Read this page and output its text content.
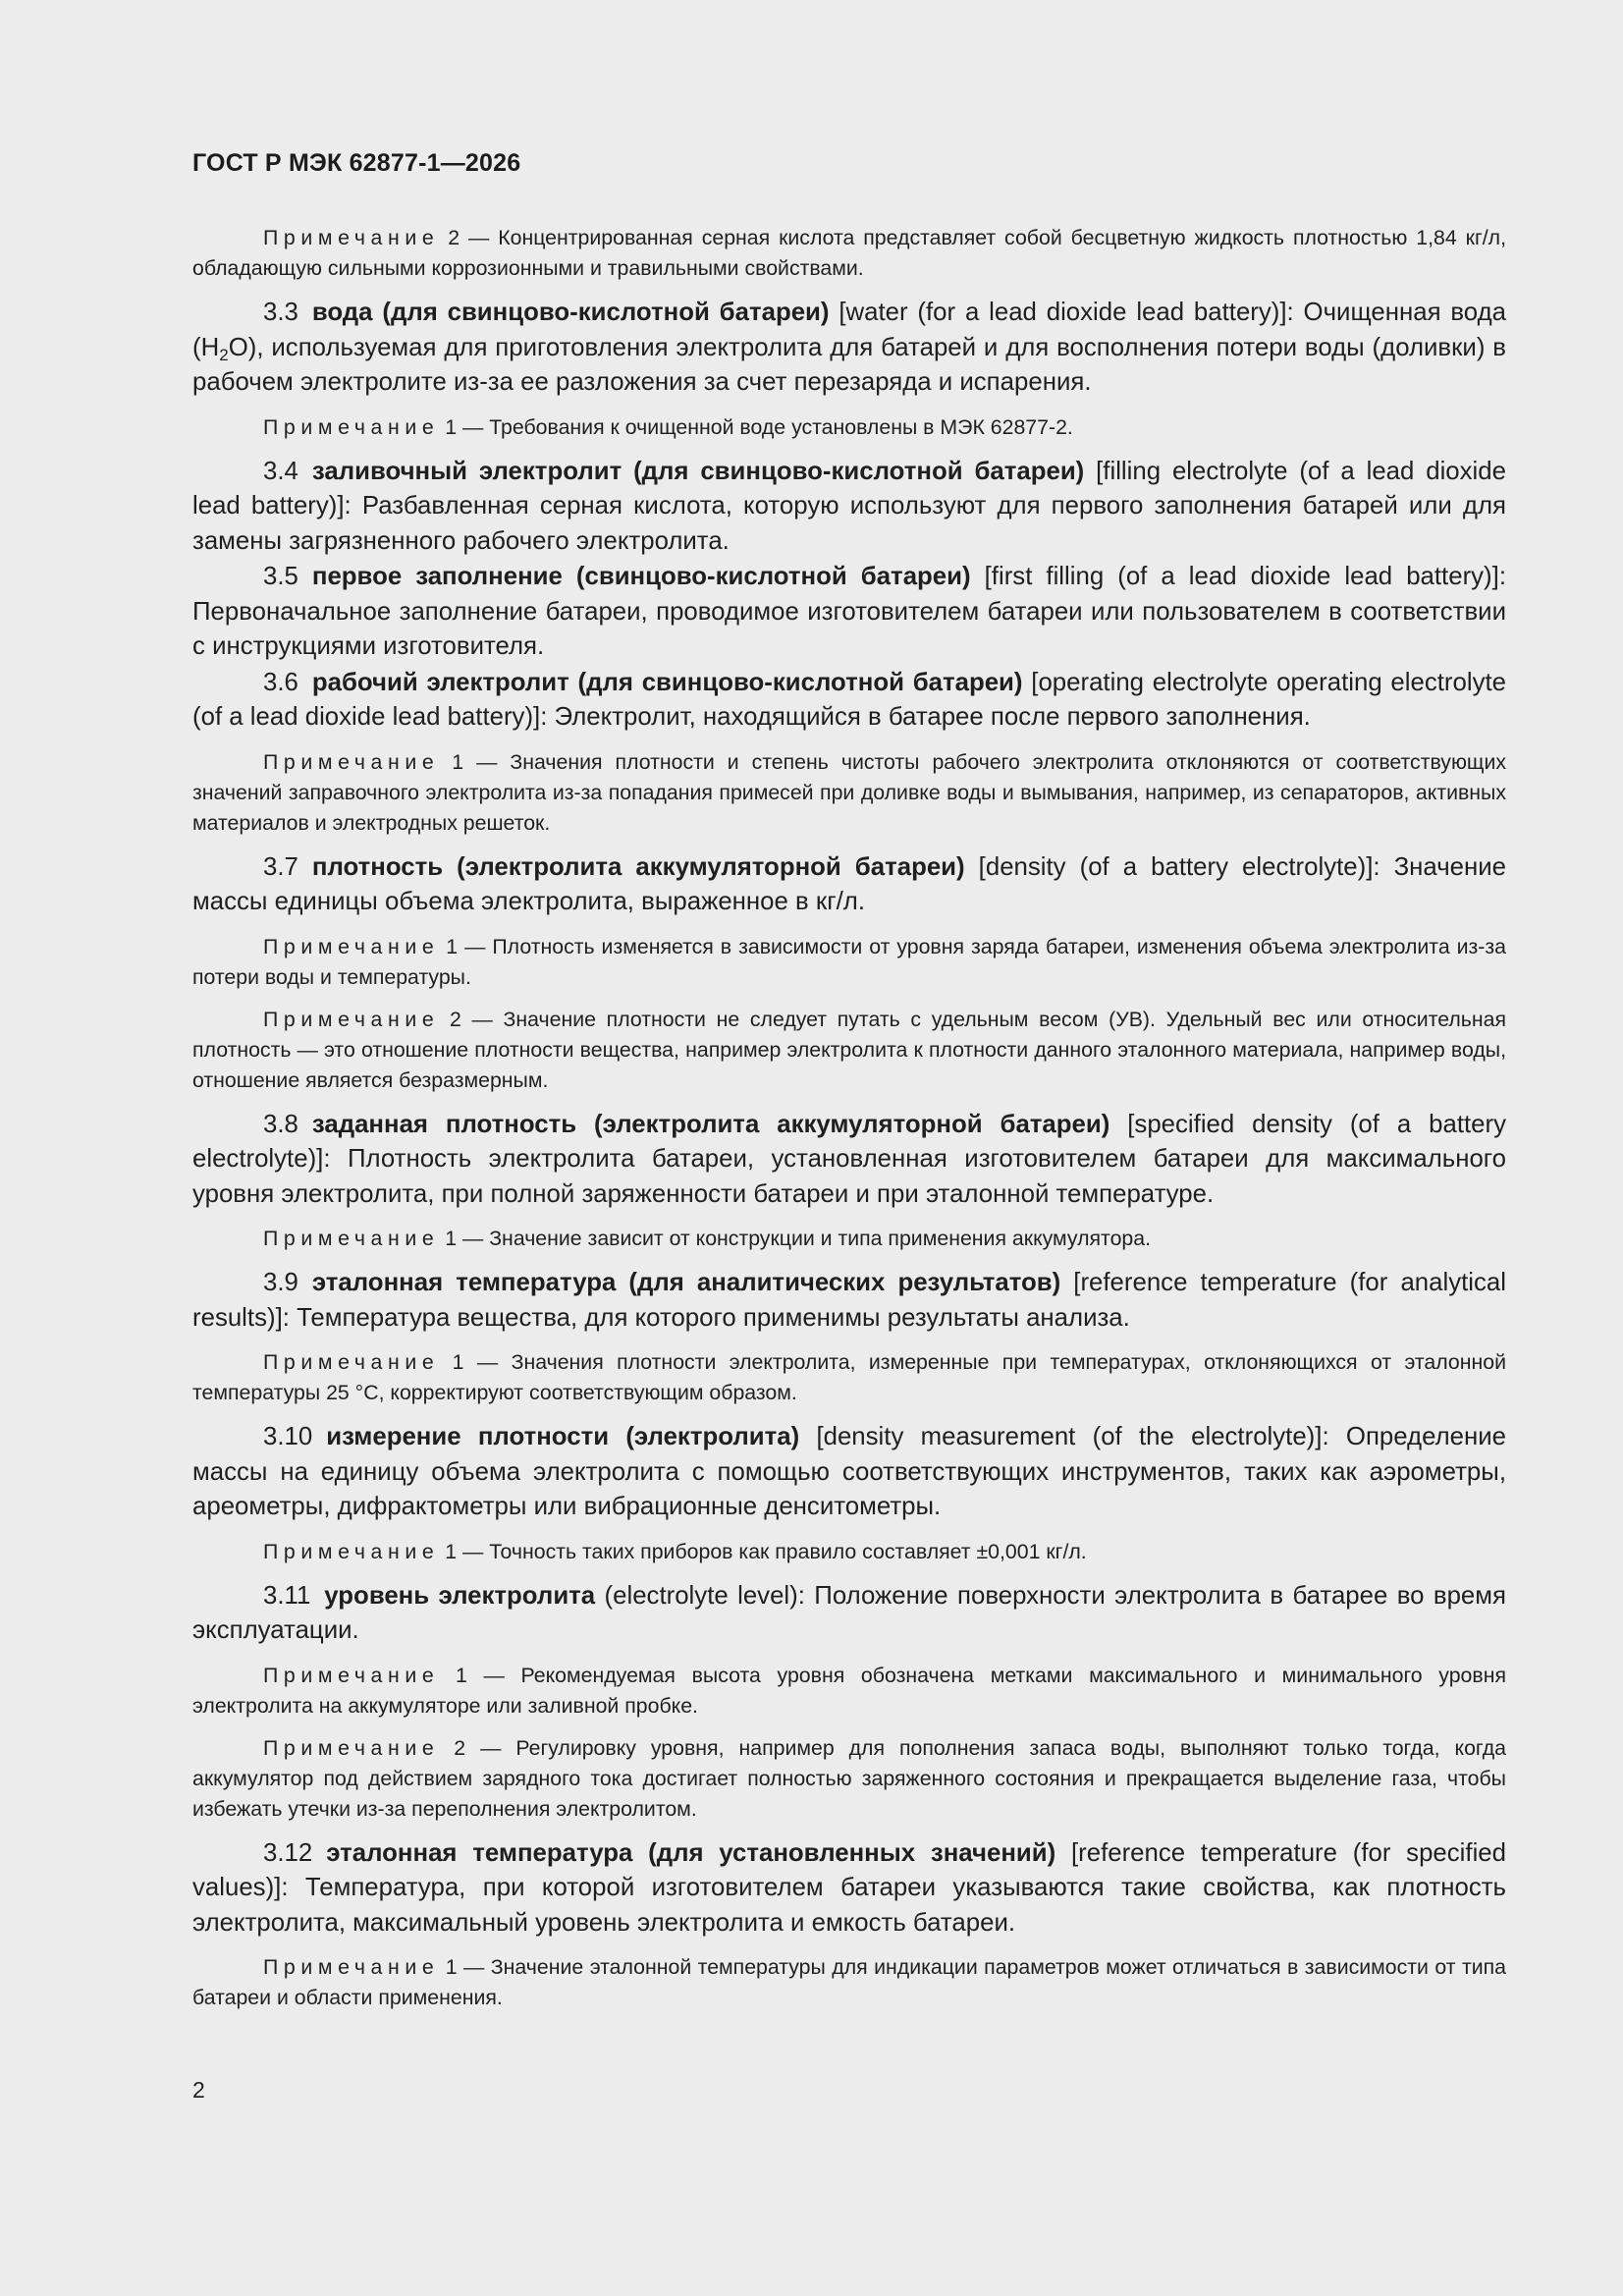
ГОСТ Р МЭК 62877-1—2026

Примечание 2 — Концентрированная серная кислота представляет собой бесцветную жидкость плотностью 1,84 кг/л, обладающую сильными коррозионными и травильными свойствами.

3.3 вода (для свинцово-кислотной батареи) [water (for a lead dioxide lead battery)]: Очищенная вода $(H_2O)$, используемая для приготовления электролита для батарей и для восполнения потери воды (доливки) в рабочем электролите из-за ее разложения за счет перезаряда и испарения.

Примечание 1 — Требования к очищенной воде установлены в МЭК 62877-2.

3.4 заливочный электролит (для свинцово-кислотной батареи) [filling electrolyte (of a lead dioxide lead battery)]: Разбавленная серная кислота, которую используют для первого заполнения батарей или для замены загрязненного рабочего электролита.

3.5 первое заполнение (свинцово-кислотной батареи) [first filling (of a lead dioxide lead battery)]: Первоначальное заполнение батареи, проводимое изготовителем батареи или пользователем в соответствии с инструкциями изготовителя.

3.6 рабочий электролит (для свинцово-кислотной батареи) [operating electrolyte operating electrolyte (of a lead dioxide lead battery)]: Электролит, находящийся в батарее после первого заполнения.

Примечание 1 — Значения плотности и степень чистоты рабочего электролита отклоняются от соответствующих значений заправочного электролита из-за попадания примесей при доливке воды и вымывания, например, из сепараторов, активных материалов и электродных решеток.

3.7 плотность (электролита аккумуляторной батареи) [density (of a battery electrolyte)]: Значение массы единицы объема электролита, выраженное в кг/л.

Примечание 1 — Плотность изменяется в зависимости от уровня заряда батареи, изменения объема электролита из-за потери воды и температуры.

Примечание 2 — Значение плотности не следует путать с удельным весом (УВ). Удельный вес или относительная плотность — это отношение плотности вещества, например электролита к плотности данного эталонного материала, например воды, отношение является безразмерным.

3.8 заданная плотность (электролита аккумуляторной батареи) [specified density (of a battery electrolyte)]: Плотность электролита батареи, установленная изготовителем батареи для максимального уровня электролита, при полной заряженности батареи и при эталонной температуре.

Примечание 1 — Значение зависит от конструкции и типа применения аккумулятора.

3.9 эталонная температура (для аналитических результатов) [reference temperature (for analytical results)]: Температура вещества, для которого применимы результаты анализа.

Примечание 1 — Значения плотности электролита, измеренные при температурах, отклоняющихся от эталонной температуры 25 °C, корректируют соответствующим образом.

3.10 измерение плотности (электролита) [density measurement (of the electrolyte)]: Определение массы на единицу объема электролита с помощью соответствующих инструментов, таких как аэрометры, ареометры, дифрактометры или вибрационные денситометры.

Примечание 1 — Точность таких приборов как правило составляет ±0,001 кг/л.

3.11 уровень электролита (electrolyte level): Положение поверхности электролита в батарее во время эксплуатации.

Примечание 1 — Рекомендуемая высота уровня обозначена метками максимального и минимального уровня электролита на аккумуляторе или заливной пробке.

Примечание 2 — Регулировку уровня, например для пополнения запаса воды, выполняют только тогда, когда аккумулятор под действием зарядного тока достигает полностью заряженного состояния и прекращается выделение газа, чтобы избежать утечки из-за переполнения электролитом.

3.12 эталонная температура (для установленных значений) [reference temperature (for specified values)]: Температура, при которой изготовителем батареи указываются такие свойства, как плотность электролита, максимальный уровень электролита и емкость батареи.

Примечание 1 — Значение эталонной температуры для индикации параметров может отличаться в зависимости от типа батареи и области применения.

2
